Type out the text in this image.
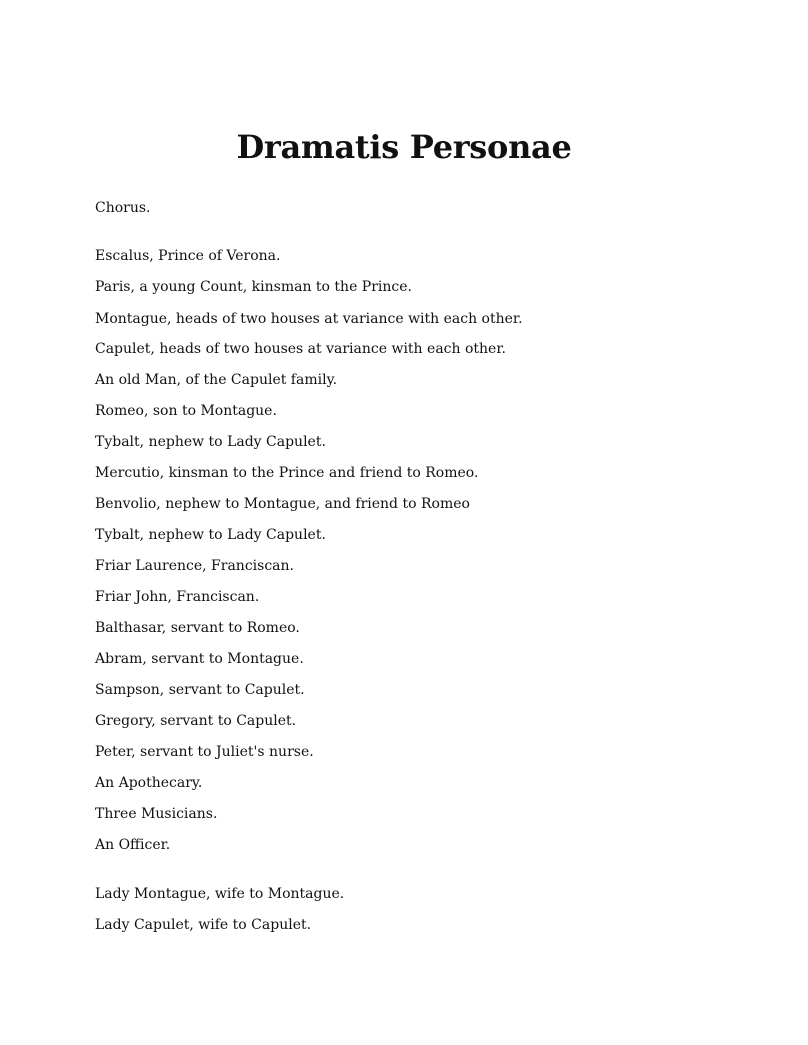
Dramatis Personae

Chorus.

Escalus, Prince of Verona.

Paris, a young Count, kinsman to the Prince.

Montague, heads of two houses at variance with each other.

Capulet, heads of two houses at variance with each other.

An old Man, of the Capulet family.

Romeo, son to Montague.

Tybalt, nephew to Lady Capulet.

Mercutio, kinsman to the Prince and friend to Romeo.

Benvolio, nephew to Montague, and friend to Romeo

Tybalt, nephew to Lady Capulet.

Friar Laurence, Franciscan.

Friar John, Franciscan.

Balthasar, servant to Romeo.

Abram, servant to Montague.

Sampson, servant to Capulet.

Gregory, servant to Capulet.

Peter, servant to Juliet's nurse.

An Apothecary.

Three Musicians.

An Officer.

Lady Montague, wife to Montague.

Lady Capulet, wife to Capulet.
